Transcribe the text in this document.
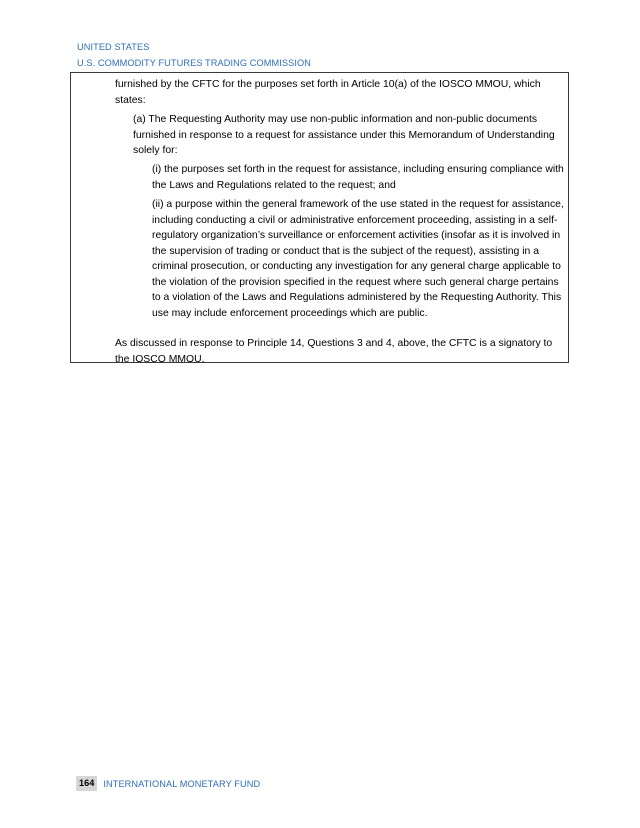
UNITED STATES
U.S. COMMODITY FUTURES TRADING COMMISSION

furnished by the CFTC for the purposes set forth in Article 10(a) of the IOSCO MMOU, which states:

(a) The Requesting Authority may use non-public information and non-public documents furnished in response to a request for assistance under this Memorandum of Understanding solely for:

(i) the purposes set forth in the request for assistance, including ensuring compliance with the Laws and Regulations related to the request; and

(ii) a purpose within the general framework of the use stated in the request for assistance, including conducting a civil or administrative enforcement proceeding, assisting in a self-regulatory organization’s surveillance or enforcement activities (insofar as it is involved in the supervision of trading or conduct that is the subject of the request), assisting in a criminal prosecution, or conducting any investigation for any general charge applicable to the violation of the provision specified in the request where such general charge pertains to a violation of the Laws and Regulations administered by the Requesting Authority. This use may include enforcement proceedings which are public.

As discussed in response to Principle 14, Questions 3 and 4, above, the CFTC is a signatory to the IOSCO MMOU.

164 INTERNATIONAL MONETARY FUND
